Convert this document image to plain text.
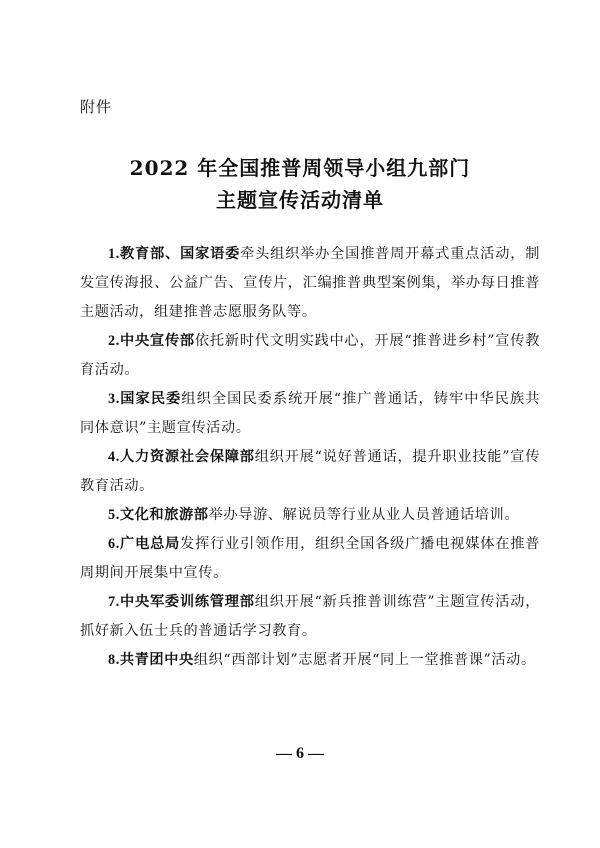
附件
2022 年全国推普周领导小组九部门
主题宣传活动清单

1.教育部、国家语委牵头组织举办全国推普周开幕式重点活动，制发宣传海报、公益广告、宣传片，汇编推普典型案例集，举办每日推普主题活动，组建推普志愿服务队等。

2.中央宣传部依托新时代文明实践中心，开展“推普进乡村”宣传教育活动。

3.国家民委组织全国民委系统开展“推广普通话，铸牢中华民族共同体意识”主题宣传活动。

4.人力资源社会保障部组织开展“说好普通话，提升职业技能”宣传教育活动。

5.文化和旅游部举办导游、解说员等行业从业人员普通话培训。

6.广电总局发挥行业引领作用，组织全国各级广播电视媒体在推普周期间开展集中宣传。

7.中央军委训练管理部组织开展“新兵推普训练营”主题宣传活动，抓好新入伍士兵的普通话学习教育。

8.共青团中央组织“西部计划”志愿者开展“同上一堂推普课”活动。

— 6 —
